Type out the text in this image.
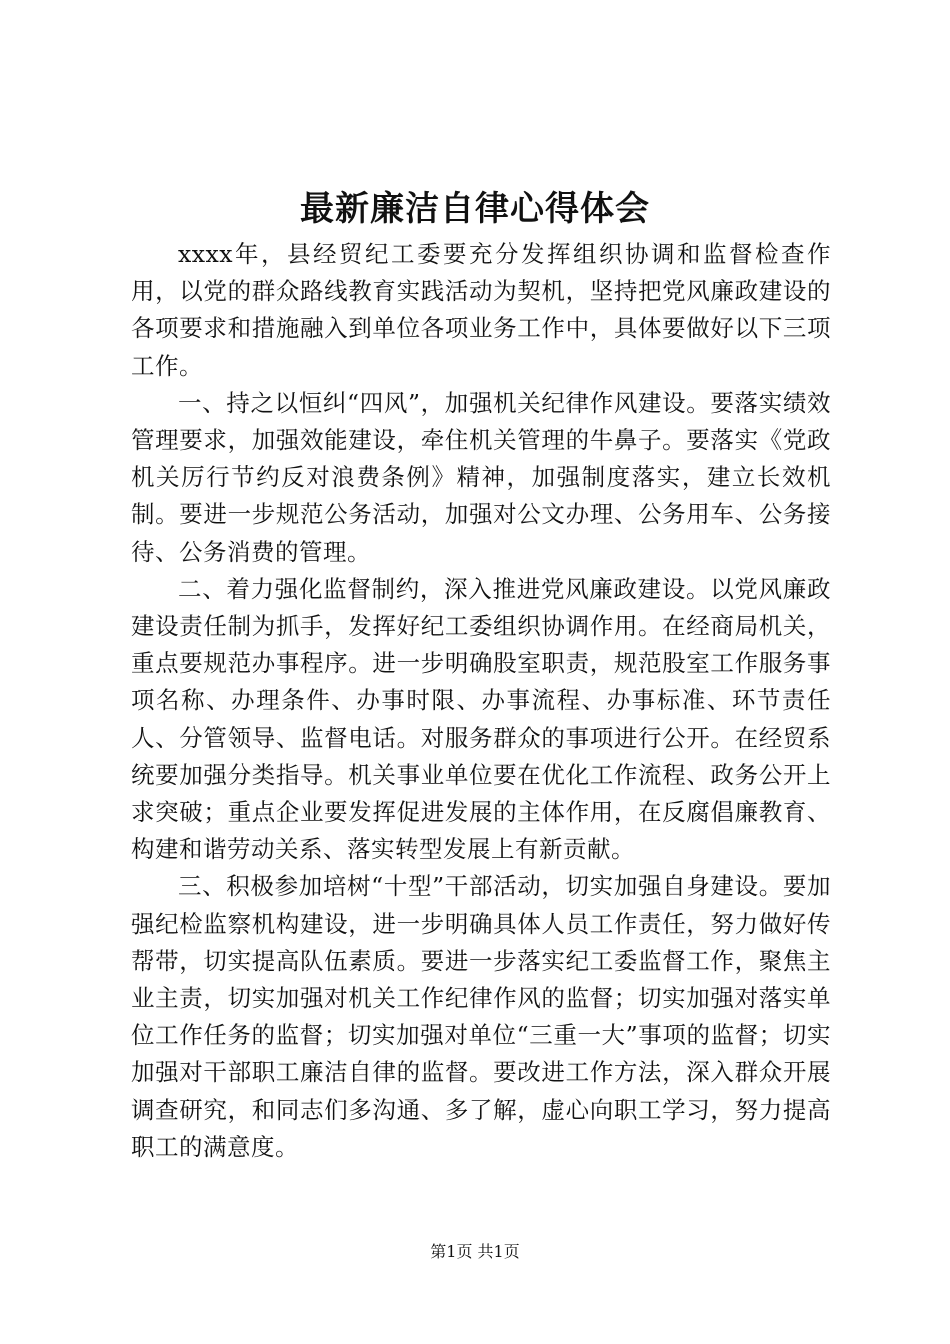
最新廉洁自律心得体会

xxxx年，县经贸纪工委要充分发挥组织协调和监督检查作用，以党的群众路线教育实践活动为契机，坚持把党风廉政建设的各项要求和措施融入到单位各项业务工作中，具体要做好以下三项工作。

一、持之以恒纠“四风”，加强机关纪律作风建设。要落实绩效管理要求，加强效能建设，牵住机关管理的牛鼻子。要落实《党政机关厉行节约反对浪费条例》精神，加强制度落实，建立长效机制。要进一步规范公务活动，加强对公文办理、公务用车、公务接待、公务消费的管理。

二、着力强化监督制约，深入推进党风廉政建设。以党风廉政建设责任制为抓手，发挥好纪工委组织协调作用。在经商局机关，重点要规范办事程序。进一步明确股室职责，规范股室工作服务事项名称、办理条件、办事时限、办事流程、办事标准、环节责任人、分管领导、监督电话。对服务群众的事项进行公开。在经贸系统要加强分类指导。机关事业单位要在优化工作流程、政务公开上求突破；重点企业要发挥促进发展的主体作用，在反腐倡廉教育、构建和谐劳动关系、落实转型发展上有新贡献。

三、积极参加培树“十型”干部活动，切实加强自身建设。要加强纪检监察机构建设，进一步明确具体人员工作责任，努力做好传帮带，切实提高队伍素质。要进一步落实纪工委监督工作，聚焦主业主责，切实加强对机关工作纪律作风的监督；切实加强对落实单位工作任务的监督；切实加强对单位“三重一大”事项的监督；切实加强对干部职工廉洁自律的监督。要改进工作方法，深入群众开展调查研究，和同志们多沟通、多了解，虚心向职工学习，努力提高职工的满意度。

第1页 共1页
